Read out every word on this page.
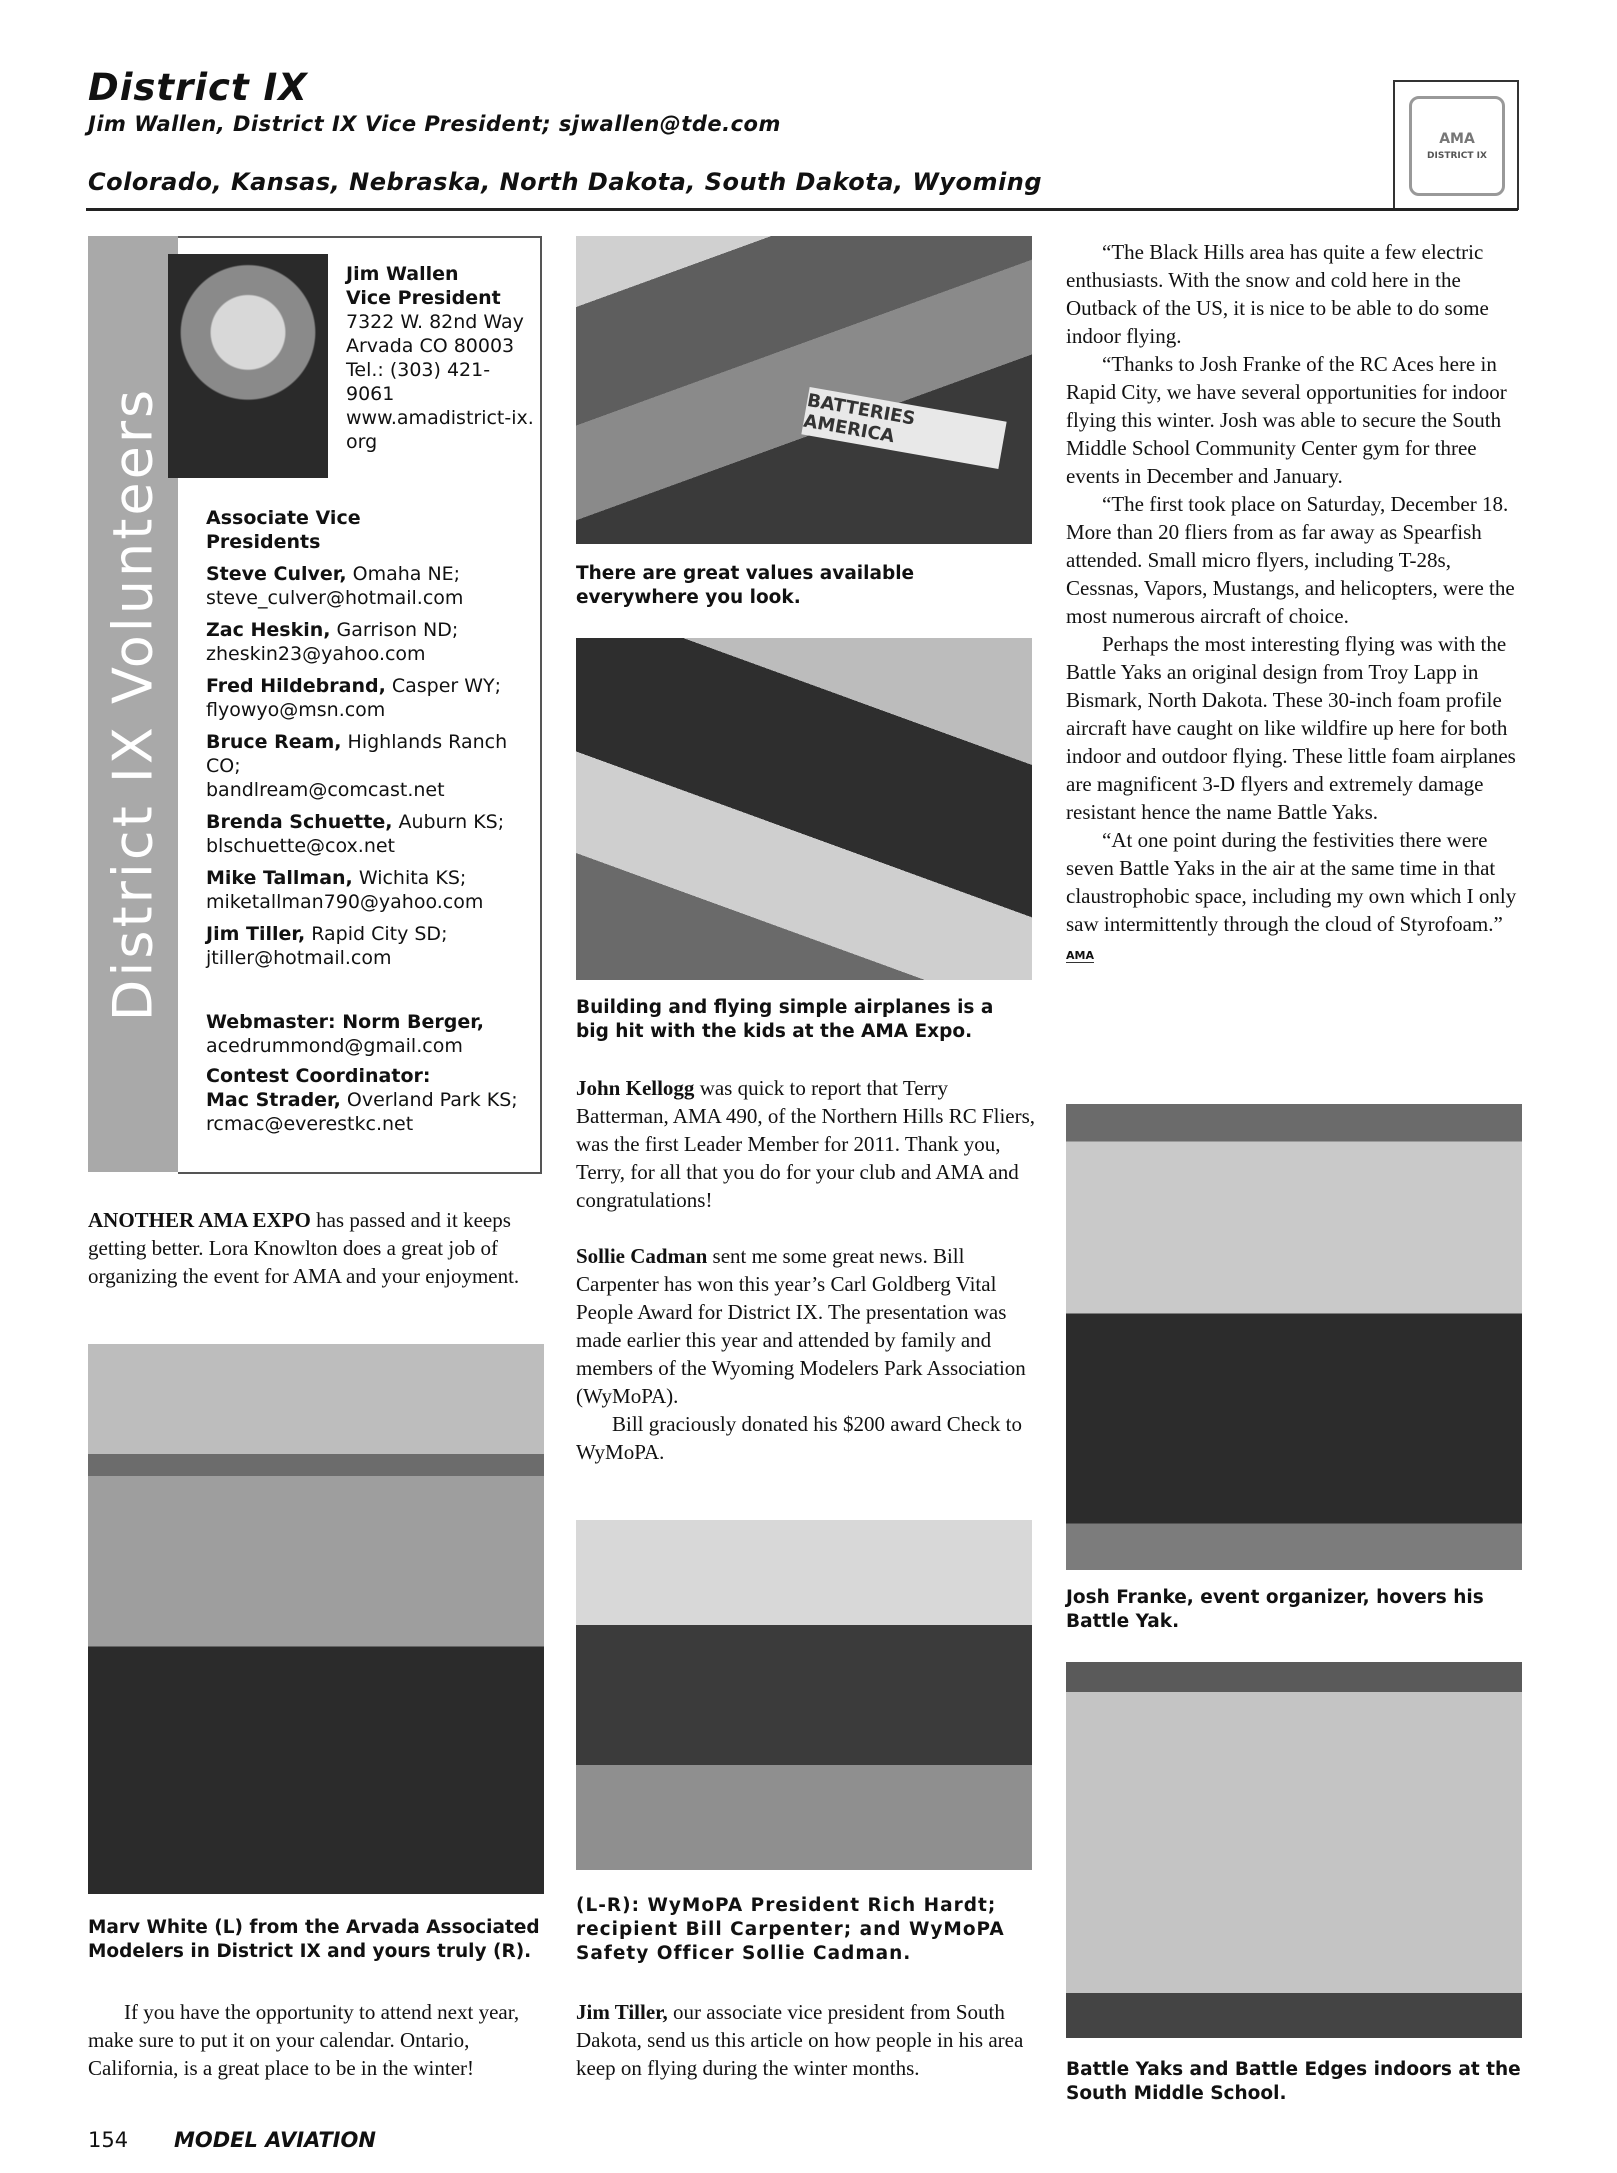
District IX
Jim Wallen, District IX Vice President; sjwallen@tde.com
Colorado, Kansas, Nebraska, North Dakota, South Dakota, Wyoming
AMA
DISTRICT IX
District IX Volunteers
Jim Wallen
Vice President
7322 W. 82nd Way
Arvada CO 80003
Tel.: (303) 421-9061
www.amadistrict-ix.org
Associate Vice Presidents
Steve Culver, Omaha NE;
steve_culver@hotmail.com
Zac Heskin, Garrison ND;
zheskin23@yahoo.com
Fred Hildebrand, Casper WY;
flyowyo@msn.com
Bruce Ream, Highlands Ranch CO;
bandlream@comcast.net
Brenda Schuette, Auburn KS;
blschuette@cox.net
Mike Tallman, Wichita KS;
miketallman790@yahoo.com
Jim Tiller, Rapid City SD;
jtiller@hotmail.com
Webmaster: Norm Berger,
acedrummond@gmail.com
Contest Coordinator:
Mac Strader, Overland Park KS;
rcmac@everestkc.net
ANOTHER AMA EXPO has passed and it keeps getting better. Lora Knowlton does a great job of organizing the event for AMA and your enjoyment.
Marv White (L) from the Arvada Associated Modelers in District IX and yours truly (R).
If you have the opportunity to attend next year, make sure to put it on your calendar. Ontario, California, is a great place to be in the winter!
BATTERIES AMERICA
There are great values available everywhere you look.
Building and flying simple airplanes is a big hit with the kids at the AMA Expo.

John Kellogg was quick to report that Terry Batterman, AMA 490, of the Northern Hills RC Fliers, was the first Leader Member for 2011. Thank you, Terry, for all that you do for your club and AMA and congratulations!

Sollie Cadman sent me some great news. Bill Carpenter has won this year’s Carl Goldberg Vital People Award for District IX. The presentation was made earlier this year and attended by family and members of the Wyoming Modelers Park Association (WyMoPA).

Bill graciously donated his $200 award Check to WyMoPA.

(L-R): WyMoPA President Rich Hardt; recipient Bill Carpenter; and WyMoPA Safety Officer Sollie Cadman.
Jim Tiller, our associate vice president from South Dakota, send us this article on how people in his area keep on flying during the winter months.

“The Black Hills area has quite a few electric enthusiasts. With the snow and cold here in the Outback of the US, it is nice to be able to do some indoor flying.

“Thanks to Josh Franke of the RC Aces here in Rapid City, we have several opportunities for indoor flying this winter. Josh was able to secure the South Middle School Community Center gym for three events in December and January.

“The first took place on Saturday, December 18. More than 20 fliers from as far away as Spearfish attended. Small micro flyers, including T-28s, Cessnas, Vapors, Mustangs, and helicopters, were the most numerous aircraft of choice.

Perhaps the most interesting flying was with the Battle Yaks an original design from Troy Lapp in Bismark, North Dakota. These 30-inch foam profile aircraft have caught on like wildfire up here for both indoor and outdoor flying. These little foam airplanes are magnificent 3-D flyers and extremely damage resistant hence the name Battle Yaks.

“At one point during the festivities there were seven Battle Yaks in the air at the same time in that claustrophobic space, including my own which I only saw intermittently through the cloud of Styrofoam.” AMA

Josh Franke, event organizer, hovers his Battle Yak.
Battle Yaks and Battle Edges indoors at the South Middle School.
154 MODEL AVIATION
